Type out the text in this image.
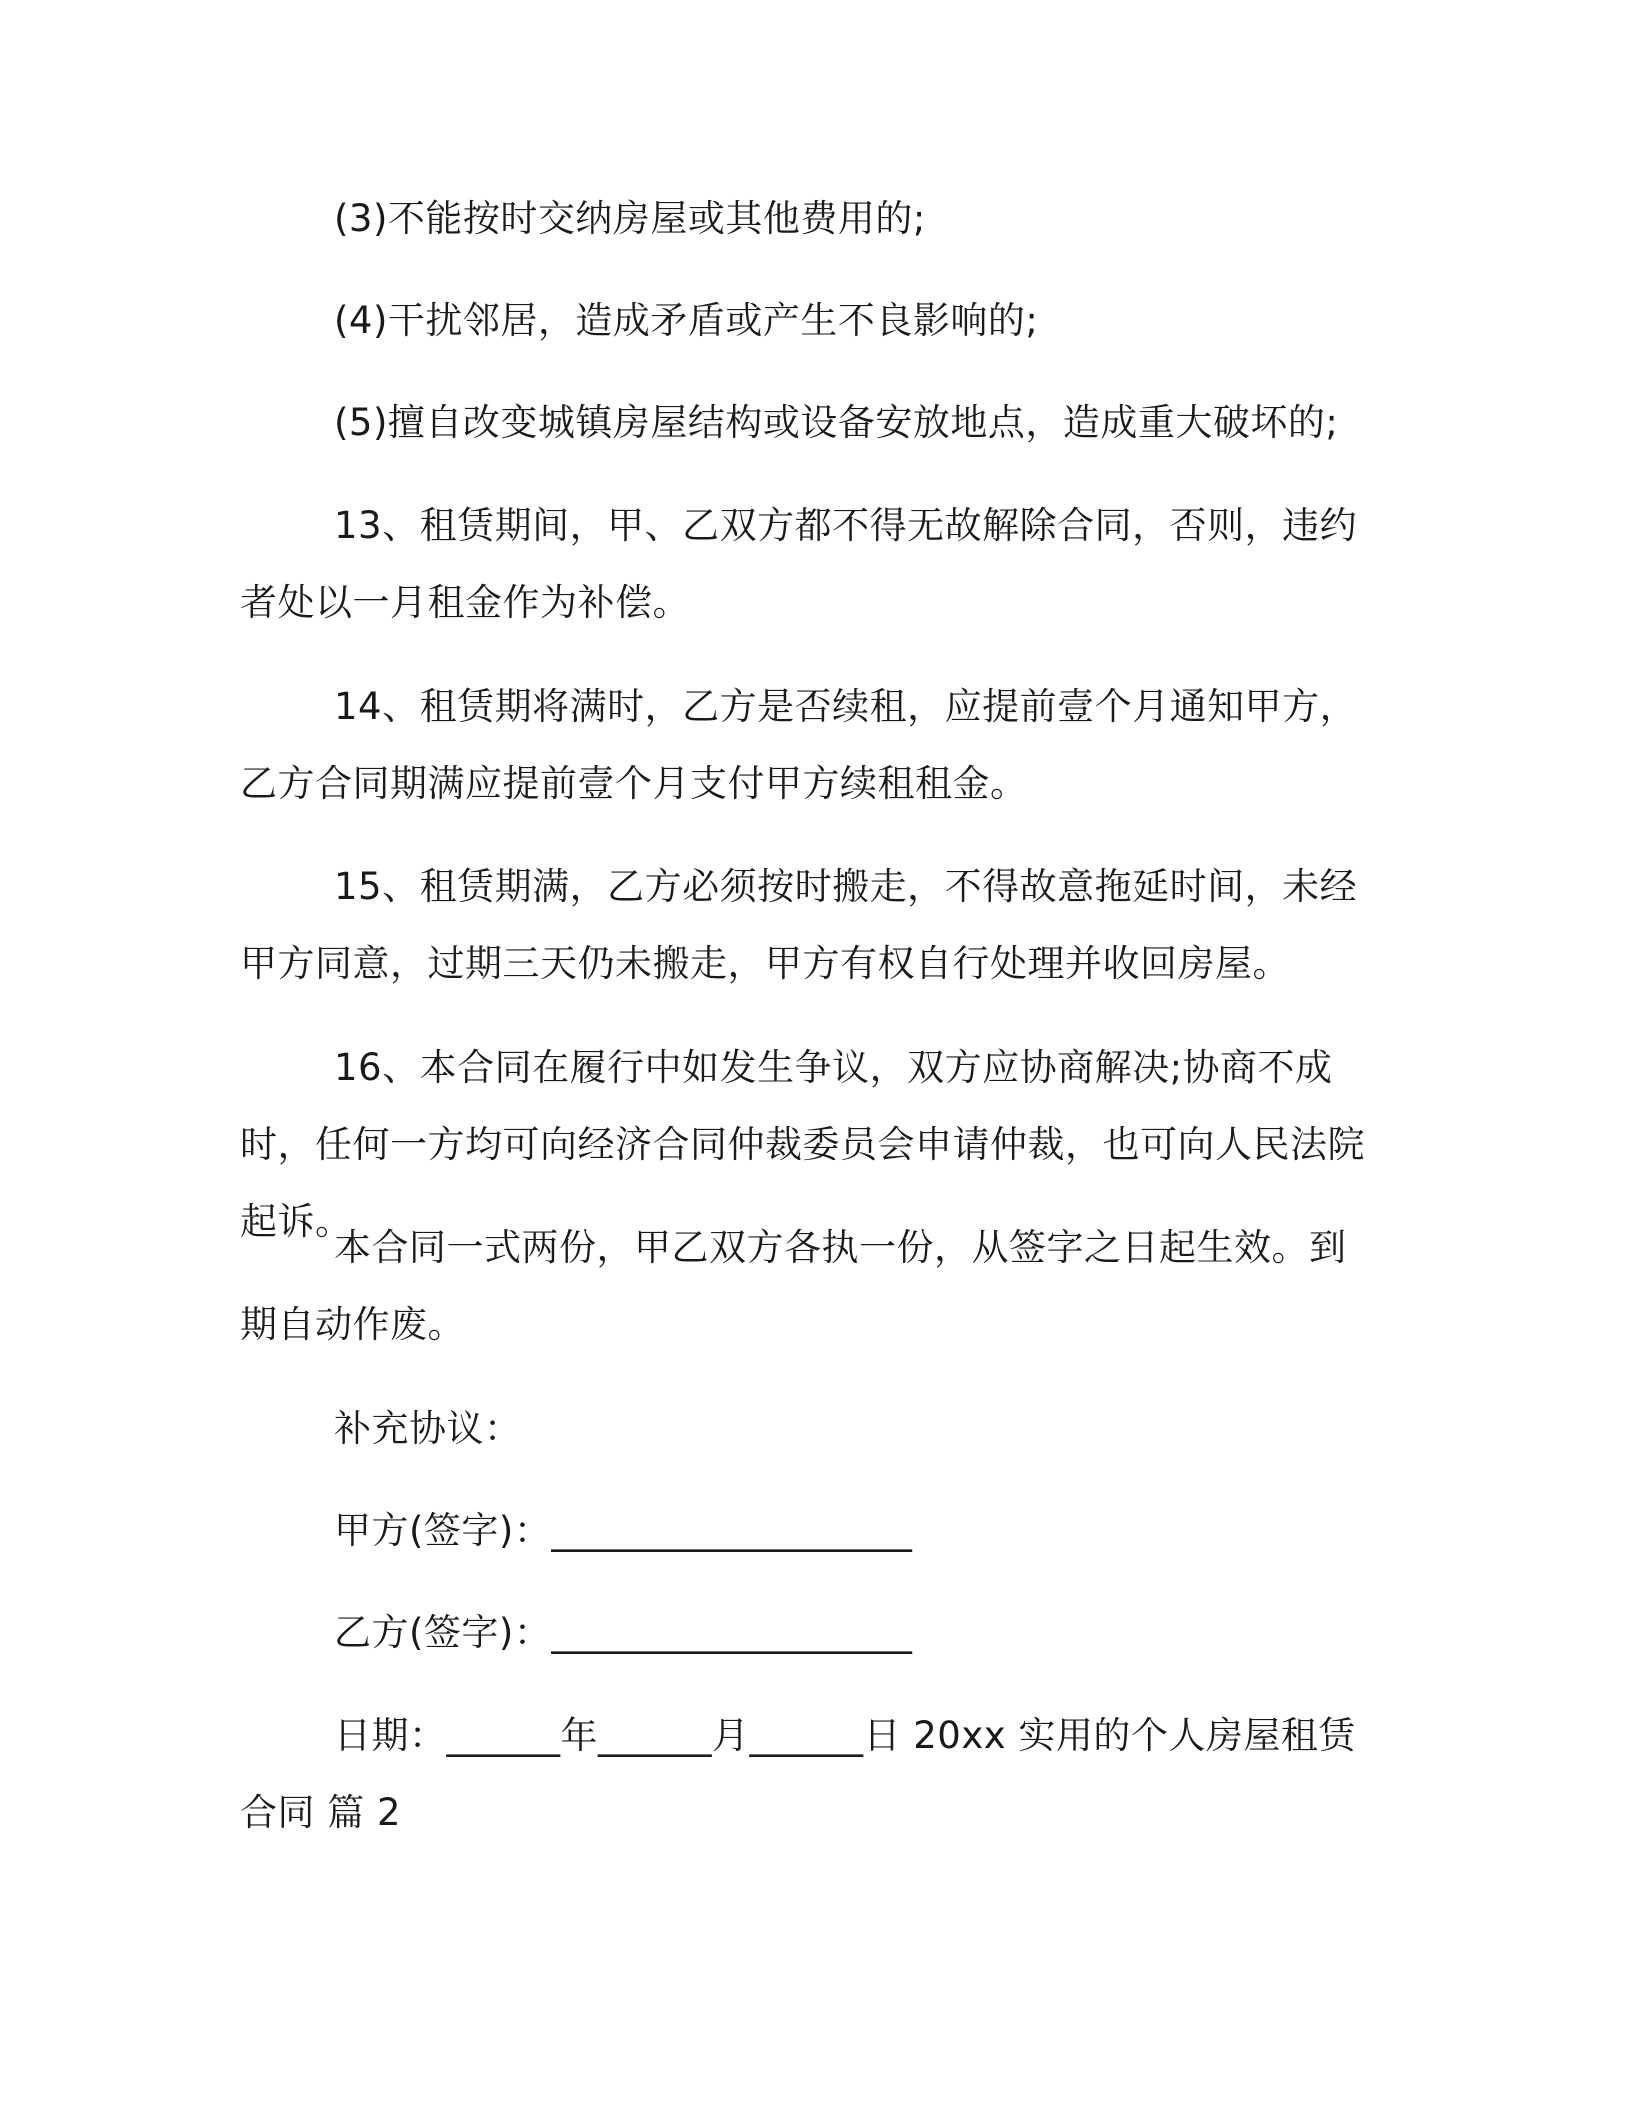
(3)不能按时交纳房屋或其他费用的;

(4)干扰邻居，造成矛盾或产生不良影响的;

(5)擅自改变城镇房屋结构或设备安放地点，造成重大破坏的;

13、租赁期间，甲、乙双方都不得无故解除合同，否则，违约者处以一月租金作为补偿。

14、租赁期将满时，乙方是否续租，应提前壹个月通知甲方，乙方合同期满应提前壹个月支付甲方续租租金。

15、租赁期满，乙方必须按时搬走，不得故意拖延时间，未经甲方同意，过期三天仍未搬走，甲方有权自行处理并收回房屋。

16、本合同在履行中如发生争议，双方应协商解决;协商不成时，任何一方均可向经济合同仲裁委员会申请仲裁，也可向人民法院起诉。

本合同一式两份，甲乙双方各执一份，从签字之日起生效。到期自动作废。

补充协议：

甲方(签字)：___________________

乙方(签字)：___________________

日期：______年______月______日 20xx 实用的个人房屋租赁合同 篇 2
